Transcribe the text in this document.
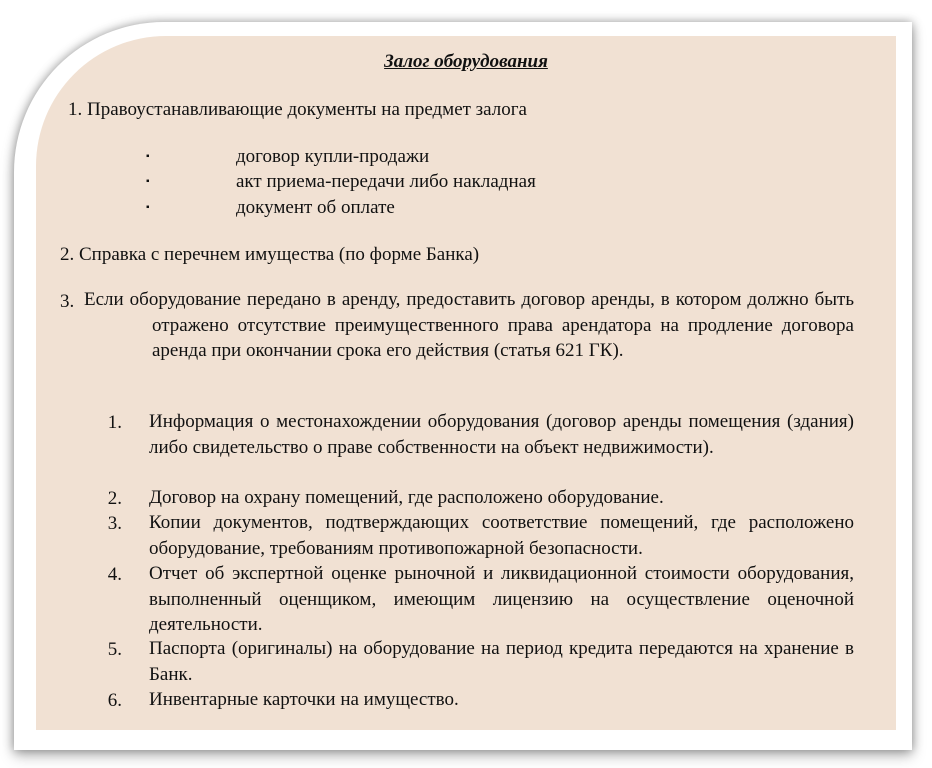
Залог оборудования
1. Правоустанавливающие документы на предмет залога
▪	договор купли-продажи
▪	акт приема-передачи либо накладная
▪	документ об оплате
2. Справка с перечнем имущества (по форме Банка)
3. Если оборудование передано в аренду, предоставить договор аренды, в котором должно быть отражено отсутствие преимущественного права арендатора на продление договора аренда при окончании срока его действия (статья 621 ГК).
1. Информация о местонахождении оборудования (договор аренды помещения (здания) либо свидетельство о праве собственности на объект недвижимости).
2. Договор на охрану помещений, где расположено оборудование.
3. Копии документов, подтверждающих соответствие помещений, где расположено оборудование, требованиям противопожарной безопасности.
4. Отчет об экспертной оценке рыночной и ликвидационной стоимости оборудования, выполненный оценщиком, имеющим лицензию на осуществление оценочной деятельности.
5. Паспорта (оригиналы) на оборудование на период кредита передаются на хранение в Банк.
6. Инвентарные карточки на имущество.
